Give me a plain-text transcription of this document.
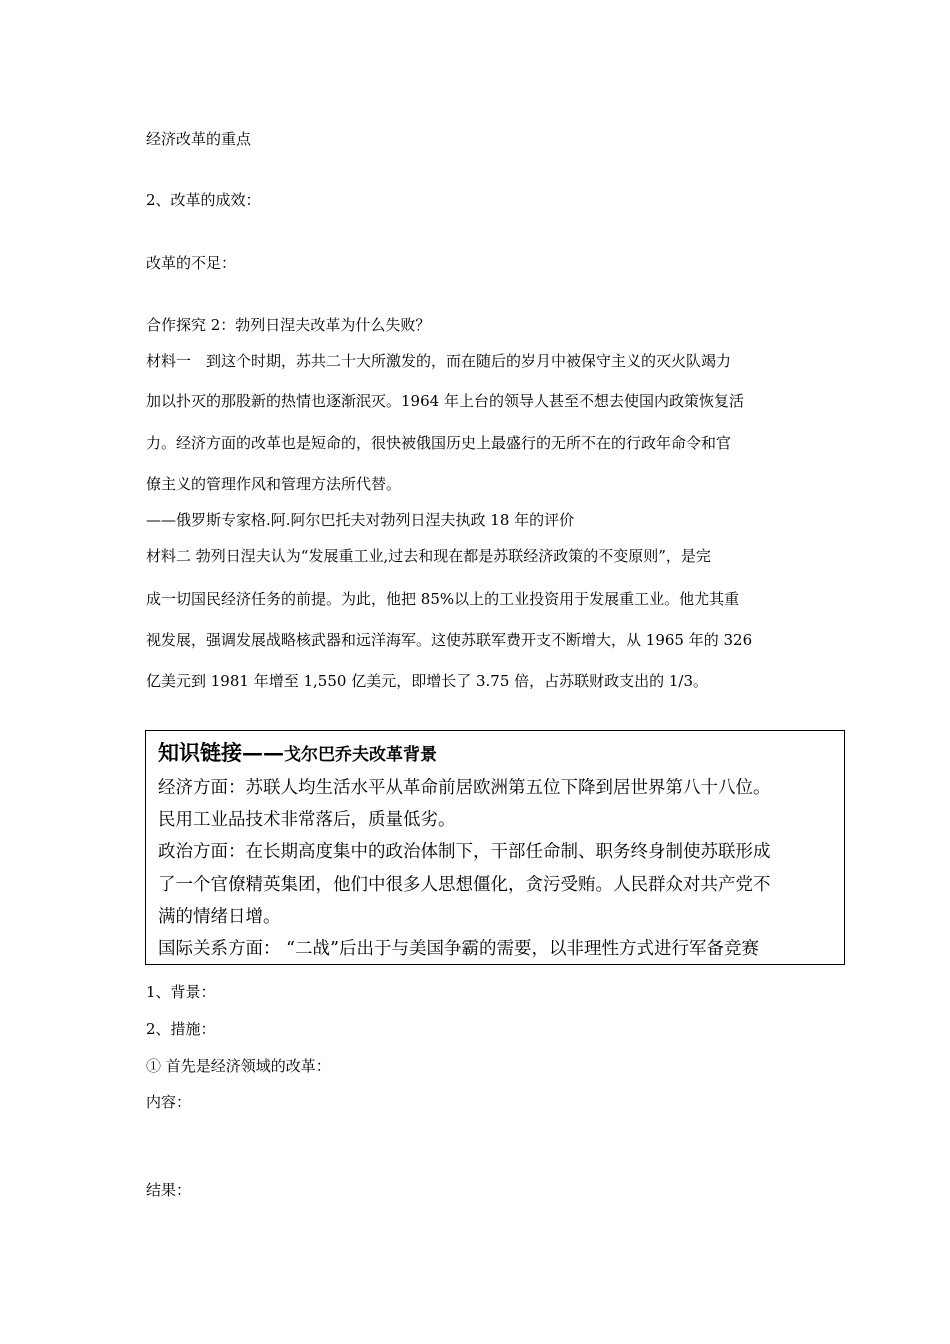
经济改革的重点

2、改革的成效：

改革的不足：

合作探究 2：勃列日涅夫改革为什么失败？

材料一　到这个时期，苏共二十大所激发的，而在随后的岁月中被保守主义的灭火队竭力

加以扑灭的那股新的热情也逐渐泯灭。1964 年上台的领导人甚至不想去使国内政策恢复活

力。经济方面的改革也是短命的，很快被俄国历史上最盛行的无所不在的行政年命令和官

僚主义的管理作风和管理方法所代替。

——俄罗斯专家格.阿.阿尔巴托夫对勃列日涅夫执政 18 年的评价

材料二 勃列日涅夫认为“发展重工业,过去和现在都是苏联经济政策的不变原则”，是完

成一切国民经济任务的前提。为此，他把 85%以上的工业投资用于发展重工业。他尤其重

视发展，强调发展战略核武器和远洋海军。这使苏联军费开支不断增大，从 1965 年的 326

亿美元到 1981 年增至 1,550 亿美元，即增长了 3.75 倍，占苏联财政支出的 1/3。

知识链接——戈尔巴乔夫改革背景

经济方面：苏联人均生活水平从革命前居欧洲第五位下降到居世界第八十八位。

民用工业品技术非常落后，质量低劣。

政治方面：在长期高度集中的政治体制下，干部任命制、职务终身制使苏联形成

了一个官僚精英集团，他们中很多人思想僵化，贪污受贿。人民群众对共产党不

满的情绪日增。

国际关系方面： “二战”后出于与美国争霸的需要，以非理性方式进行军备竞赛

1、背景：

2、措施：

① 首先是经济领域的改革：

内容：

结果：
